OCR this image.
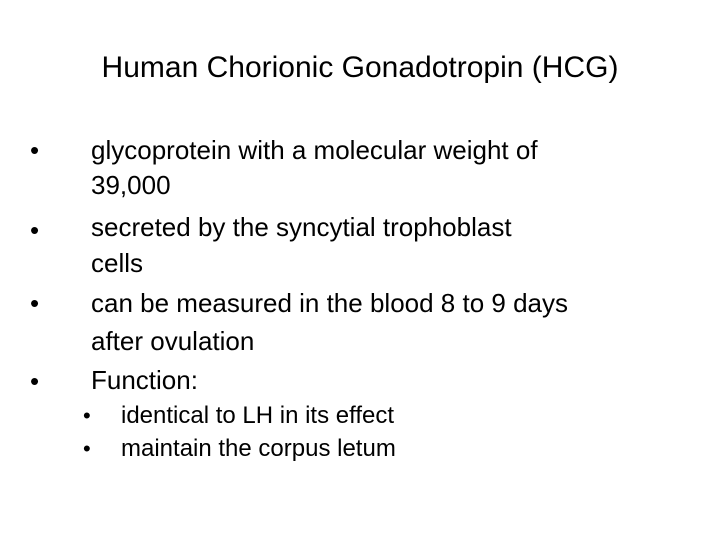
Human Chorionic Gonadotropin (HCG)
• glycoprotein with a molecular weight of
39,000
• secreted by the syncytial trophoblast
cells
• can be measured in the blood 8 to 9 days
after ovulation
• Function:
• identical to LH in its effect
• maintain the corpus letum
